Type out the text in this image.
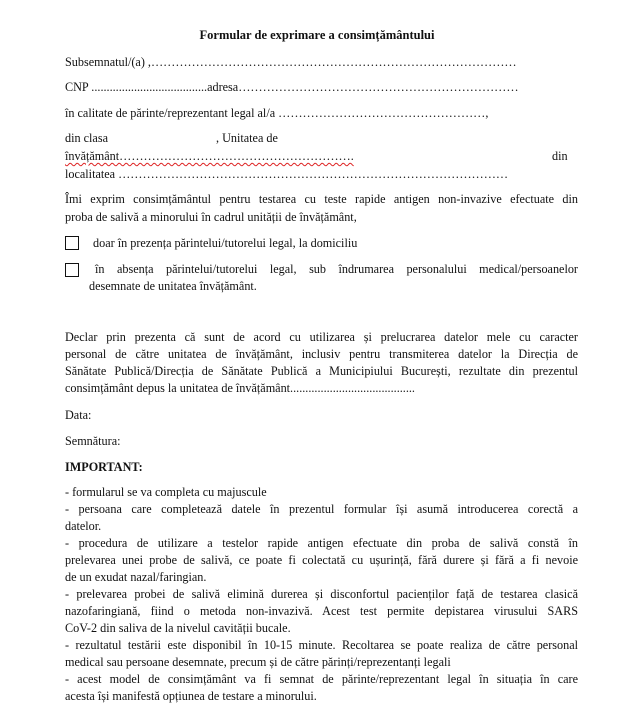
Formular de exprimare a consimțământului
Subsemnatul/(a) ,………………………………………………………………………………
CNP ......................................adresa……………………………………………………………
în calitate de părinte/reprezentant legal al/a ……………………………………………,
din clasa	, Unitatea de
învățământ………………………………………………….	din
localitatea ……………………………………………………………………………………
Îmi exprim consimțământul pentru testarea cu teste rapide antigen non-invazive efectuate din
proba de salivă a minorului în cadrul unității de învățământ,
doar în prezența părintelui/tutorelui legal, la domiciliu
în absența părintelui/tutorelui legal, sub îndrumarea personalului medical/persoanelor
desemnate de unitatea învățământ.
Declar prin prezenta că sunt de acord cu utilizarea și prelucrarea datelor mele cu caracter
personal de către unitatea de învățământ, inclusiv pentru transmiterea datelor la Direcția de
Sănătate Publică/Direcția de Sănătate Publică a Municipiului București, rezultate din prezentul
consimțământ depus la unitatea de învățământ.........................................
Data:
Semnătura:
IMPORTANT:
- formularul se va completa cu majuscule
- persoana care completează datele în prezentul formular își asumă introducerea corectă a
datelor.
- procedura de utilizare a testelor rapide antigen efectuate din proba de salivă constă în
prelevarea unei probe de salivă, ce poate fi colectată cu ușurință, fără durere și fără a fi nevoie
de un exudat nazal/faringian.
- prelevarea probei de salivă elimină durerea și disconfortul pacienților față de testarea clasică
nazofaringiană, fiind o metoda non-invazivă. Acest test permite depistarea virusului SARS
CoV-2 din saliva de la nivelul cavității bucale.
- rezultatul testării este disponibil în 10-15 minute. Recoltarea se poate realiza de către personal
medical sau persoane desemnate, precum și de către părinți/reprezentanți legali
- acest model de consimțământ va fi semnat de părinte/reprezentant legal în situația în care
acesta își manifestă opțiunea de testare a minorului.
